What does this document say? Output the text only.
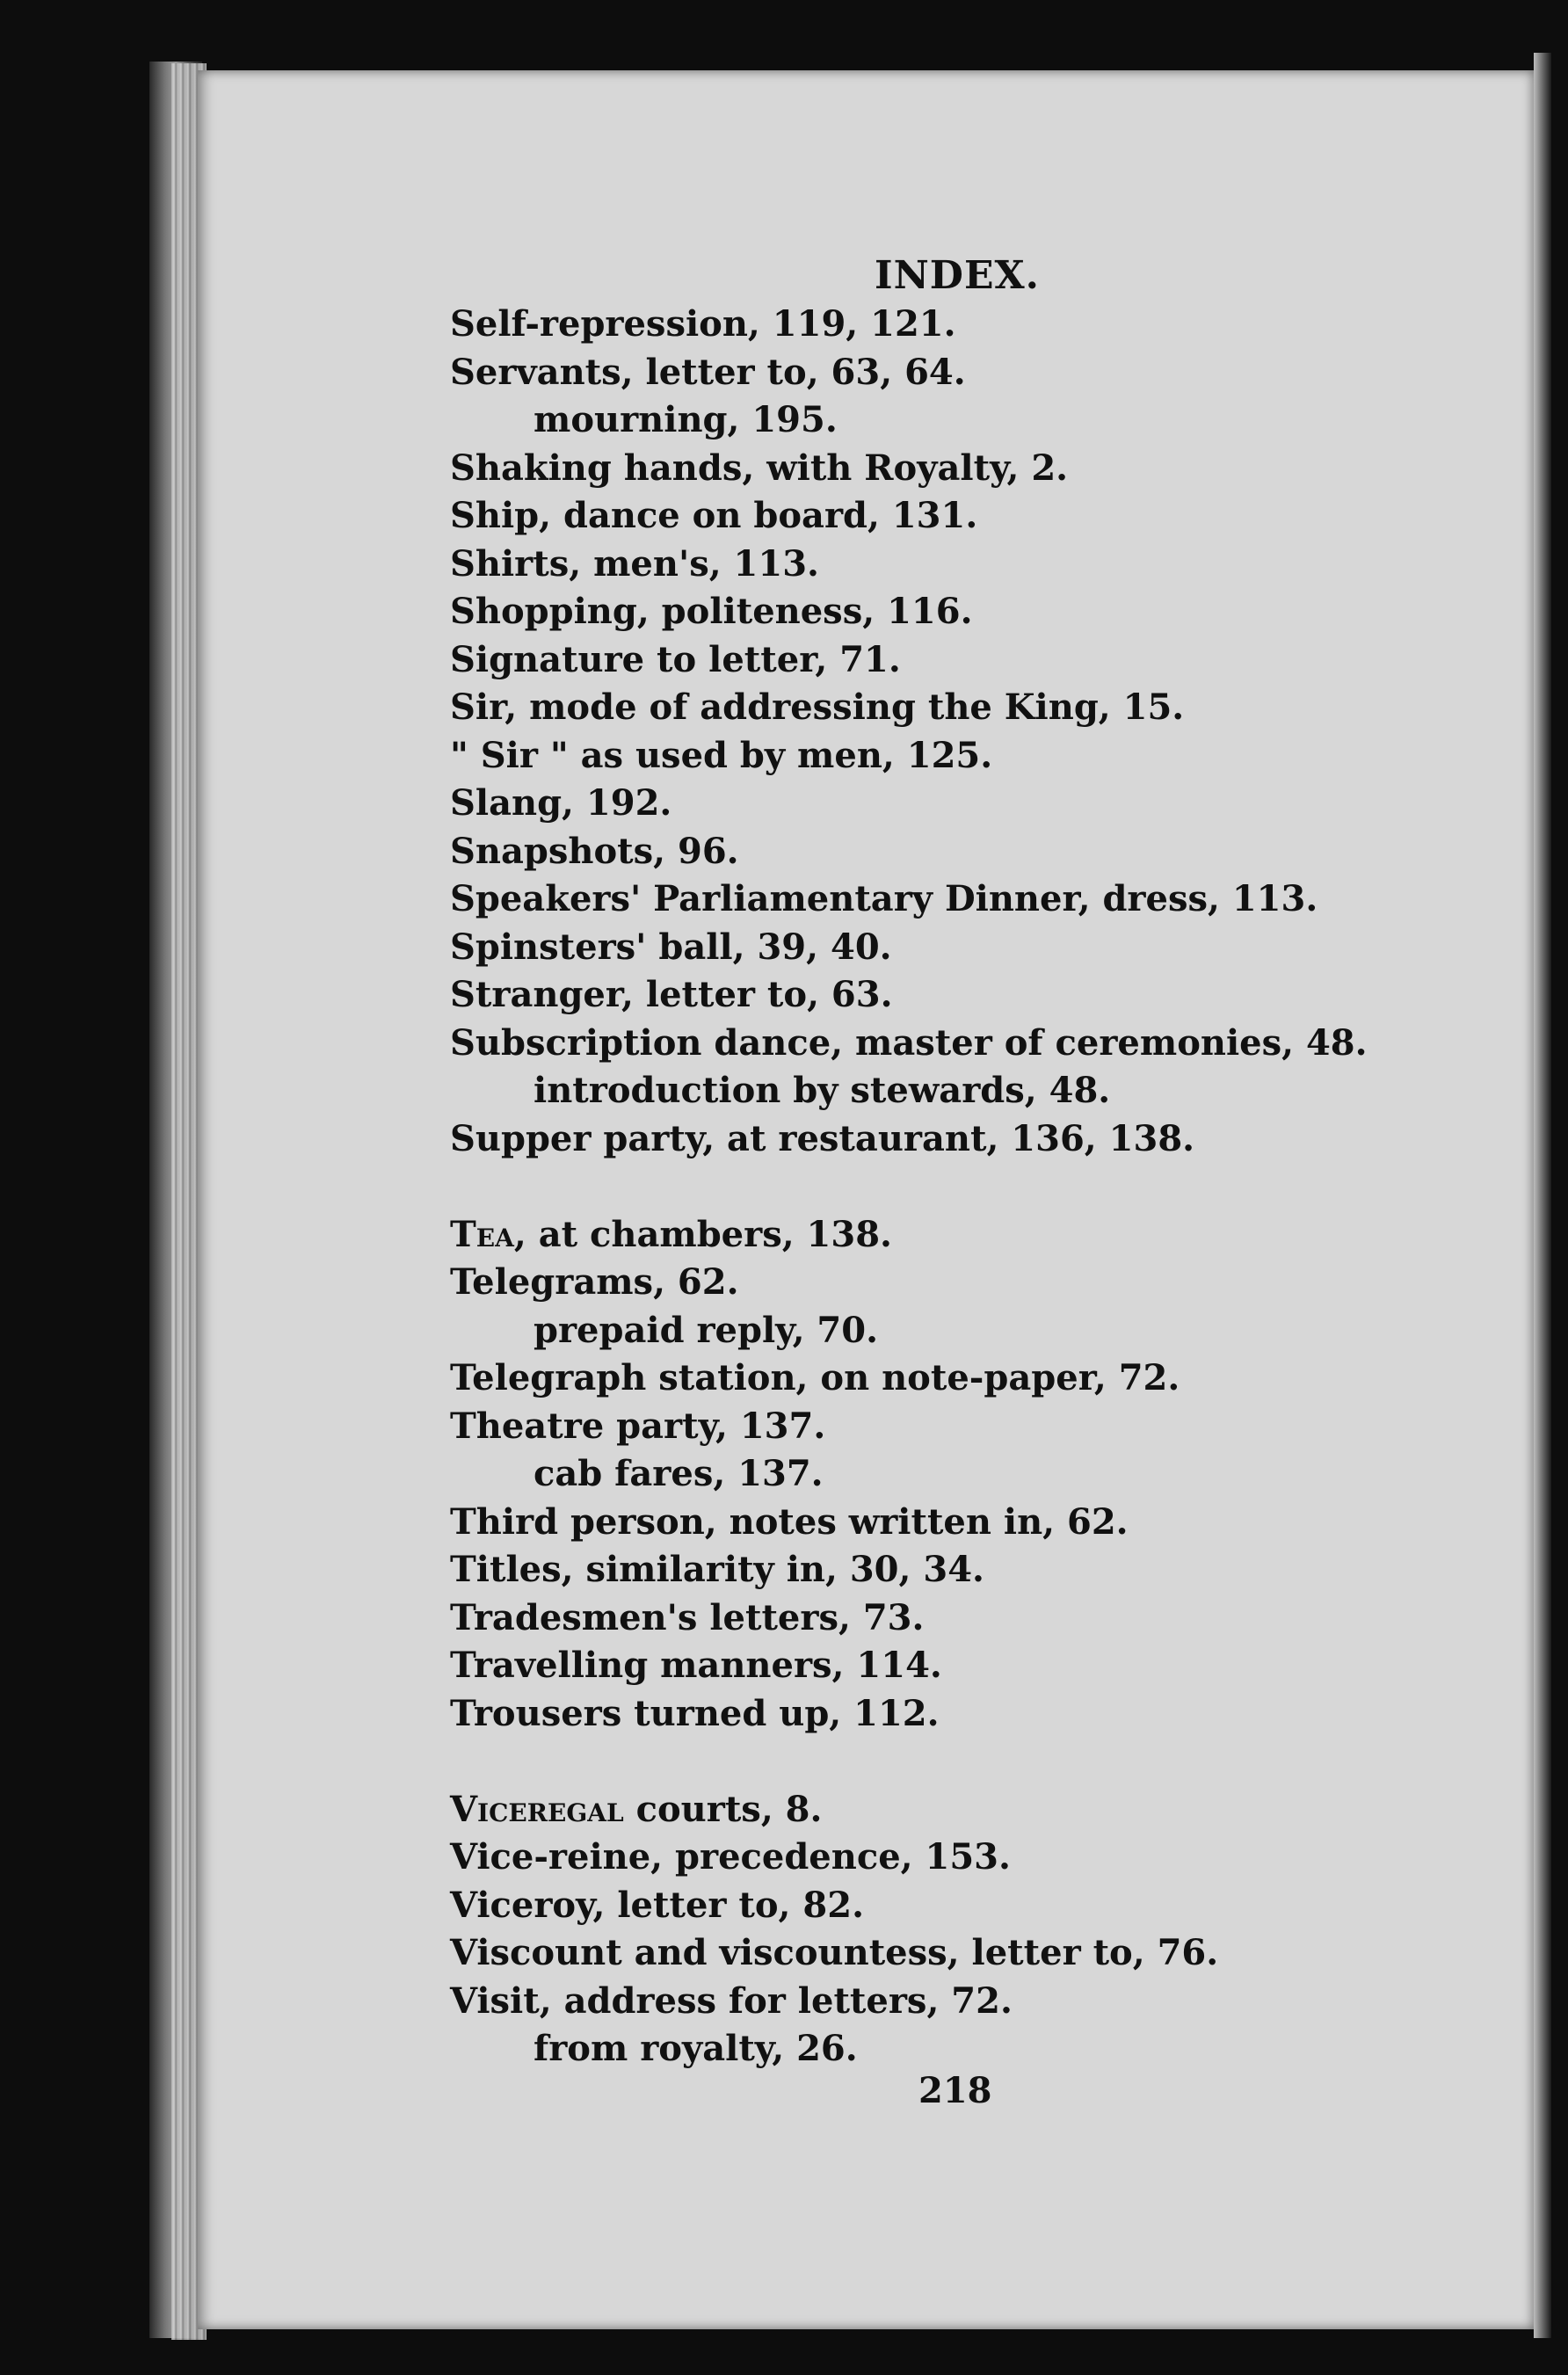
INDEX.
Self-repression, 119, 121.
Servants, letter to, 63, 64.
mourning, 195.
Shaking hands, with Royalty, 2.
Ship, dance on board, 131.
Shirts, men's, 113.
Shopping, politeness, 116.
Signature to letter, 71.
Sir, mode of addressing the King, 15.
" Sir " as used by men, 125.
Slang, 192.
Snapshots, 96.
Speakers' Parliamentary Dinner, dress, 113.
Spinsters' ball, 39, 40.
Stranger, letter to, 63.
Subscription dance, master of ceremonies, 48.
introduction by stewards, 48.
Supper party, at restaurant, 136, 138.
Tea, at chambers, 138.
Telegrams, 62.
prepaid reply, 70.
Telegraph station, on note-paper, 72.
Theatre party, 137.
cab fares, 137.
Third person, notes written in, 62.
Titles, similarity in, 30, 34.
Tradesmen's letters, 73.
Travelling manners, 114.
Trousers turned up, 112.
Viceregal courts, 8.
Vice-reine, precedence, 153.
Viceroy, letter to, 82.
Viscount and viscountess, letter to, 76.
Visit, address for letters, 72.
from royalty, 26.
218
